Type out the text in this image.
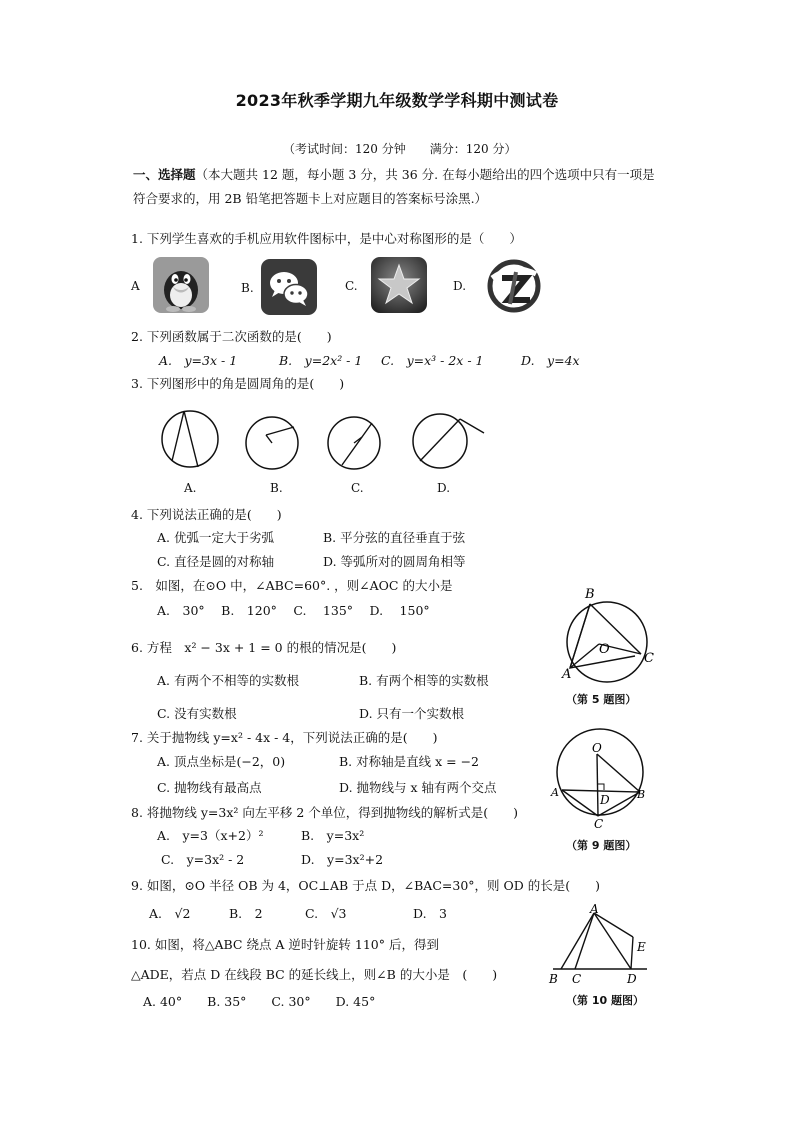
2023年秋季学期九年级数学学科期中测试卷
（考试时间：120 分钟　　满分：120 分）
一、选择题（本大题共 12 题，每小题 3 分，共 36 分. 在每小题给出的四个选项中只有一项是
符合要求的，用 2B 铅笔把答题卡上对应题目的答案标号涂黑.）
1. 下列学生喜欢的手机应用软件图标中，是中心对称图形的是（　　）
A	B.	C.	D.
2. 下列函数属于二次函数的是(　　)
A.　y=3x - 1	B.　y=2x² - 1 C.　y=x³ - 2x - 1	D.　y=4x
3. 下列图形中的角是圆周角的是(　　)
A.	B.	C.	D.
4. 下列说法正确的是(　　)
A. 优弧一定大于劣弧	B. 平分弦的直径垂直于弦
C. 直径是圆的对称轴	D. 等弧所对的圆周角相等
5.　如图，在⊙O 中，∠ABC=60°. ，则∠AOC 的大小是
A.　30°　 B.　120°　 C.　 135°　 D.　 150°
B
O
A
C
（第 5 题图）
6. 方程　x² − 3x + 1 = 0 的根的情况是(　　)
A. 有两个不相等的实数根	B. 有两个相等的实数根
C. 没有实数根	D. 只有一个实数根
7. 关于抛物线 y=x² - 4x - 4，下列说法正确的是(　　)
A. 顶点坐标是(−2，0)	B. 对称轴是直线 x = −2
C. 抛物线有最高点	D. 抛物线与 x 轴有两个交点
O
A
D B
C
（第 9 题图）
8. 将抛物线 y=3x² 向左平移 2 个单位，得到抛物线的解析式是(　　)
A.　y=3（x+2）²	B.　y=3x²
C.　y=3x² - 2	D.　y=3x²+2
9. 如图，⊙O 半径 OB 为 4，OC⊥AB 于点 D，∠BAC=30°，则 OD 的长是(　　)
A.　√2	B.　2	C.　√3	D.　3
10. 如图，将△ABC 绕点 A 逆时针旋转 110° 后，得到
△ADE，若点 D 在线段 BC 的延长线上，则∠B 的大小是　(　　)
A. 40°　　B. 35°　　C. 30°　　D. 45°
A
E
B C	D
（第 10 题图）
